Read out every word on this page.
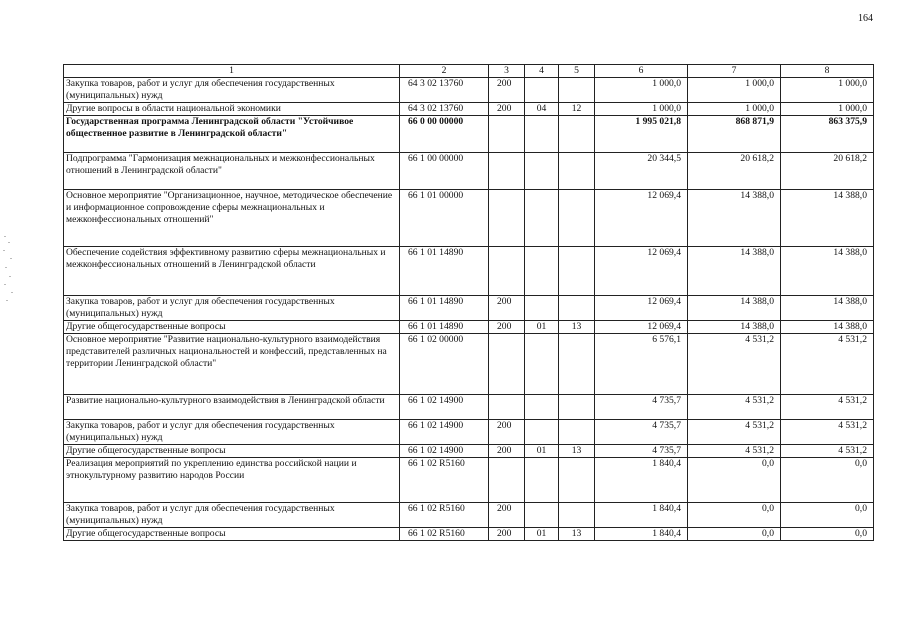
164
1	2	3	4	5	6	7	8
Закупка товаров, работ и услуг для обеспечения государственных (муниципальных) нужд	64 3 02 13760	200			1 000,0	1 000,0	1 000,0
Другие вопросы в области национальной экономики	64 3 02 13760	200	04	12	1 000,0	1 000,0	1 000,0
Государственная программа Ленинградской области "Устойчивое общественное развитие в Ленинградской области"	66 0 00 00000				1 995 021,8	868 871,9	863 375,9
Подпрограмма "Гармонизация межнациональных и межконфессиональных отношений в Ленинградской области"	66 1 00 00000				20 344,5	20 618,2	20 618,2
Основное мероприятие "Организационное, научное, методическое обеспечение и информационное сопровождение сферы межнациональных и межконфессиональных отношений"	66 1 01 00000				12 069,4	14 388,0	14 388,0
Обеспечение содействия эффективному развитию сферы межнациональных и межконфессиональных отношений в Ленинградской области	66 1 01 14890				12 069,4	14 388,0	14 388,0
Закупка товаров, работ и услуг для обеспечения государственных (муниципальных) нужд	66 1 01 14890	200			12 069,4	14 388,0	14 388,0
Другие общегосударственные вопросы	66 1 01 14890	200	01	13	12 069,4	14 388,0	14 388,0
Основное мероприятие "Развитие национально-культурного взаимодействия представителей различных национальностей и конфессий, представленных на территории Ленинградской области"	66 1 02 00000				6 576,1	4 531,2	4 531,2
Развитие национально-культурного взаимодействия в Ленинградской области	66 1 02 14900				4 735,7	4 531,2	4 531,2
Закупка товаров, работ и услуг для обеспечения государственных (муниципальных) нужд	66 1 02 14900	200			4 735,7	4 531,2	4 531,2
Другие общегосударственные вопросы	66 1 02 14900	200	01	13	4 735,7	4 531,2	4 531,2
Реализация мероприятий по укреплению единства российской нации и этнокультурному развитию народов России	66 1 02 R5160				1 840,4	0,0	0,0
Закупка товаров, работ и услуг для обеспечения государственных (муниципальных) нужд	66 1 02 R5160	200			1 840,4	0,0	0,0
Другие общегосударственные вопросы	66 1 02 R5160	200	01	13	1 840,4	0,0	0,0
